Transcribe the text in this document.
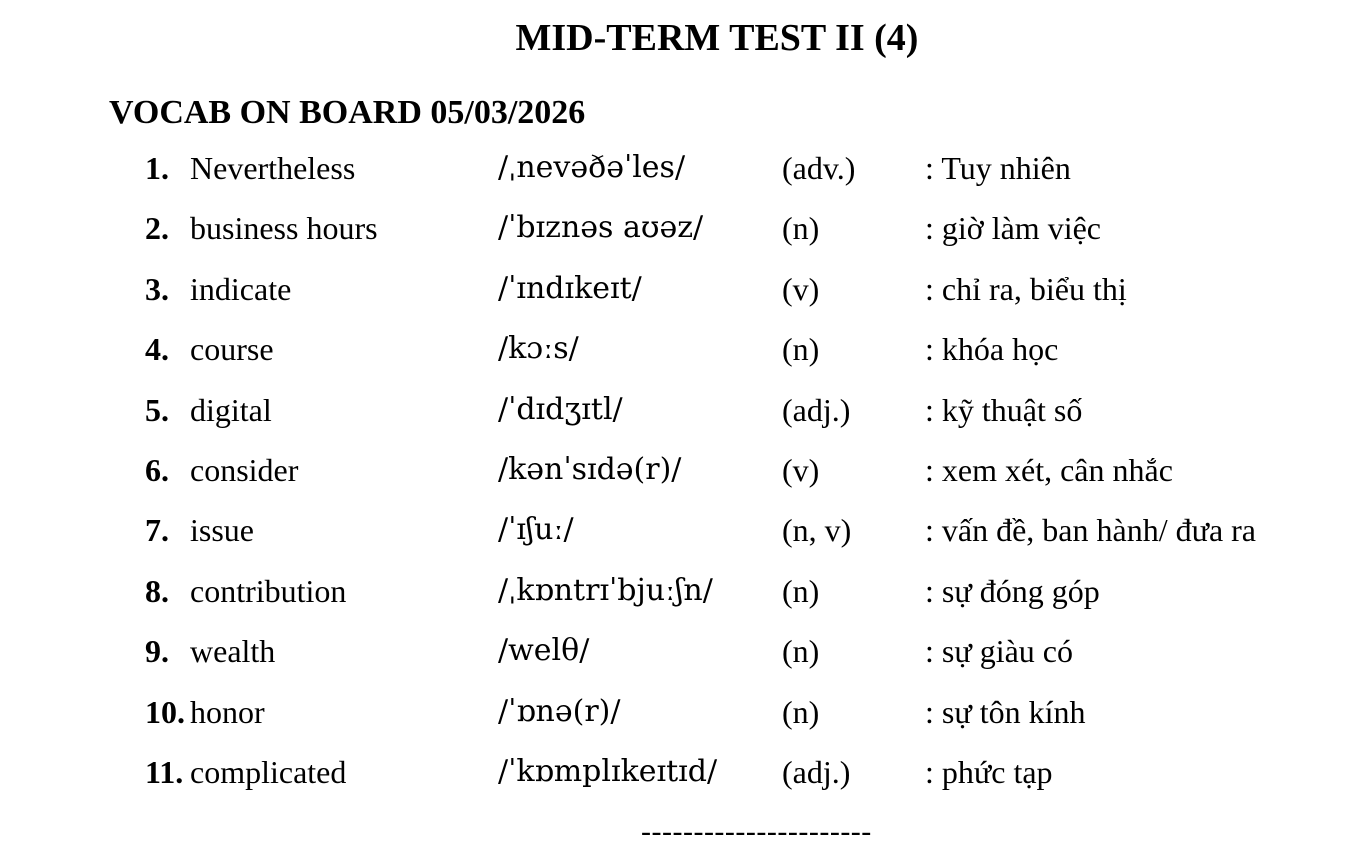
MID-TERM TEST II (4)
VOCAB ON BOARD 05/03/2026
1. Nevertheless	/ˌnevəðəˈles/	(adv.) : Tuy nhiên
2. business hours	/ˈbɪznəs aʊəz/ (n)	: giờ làm việc
3. indicate	/ˈɪndɪkeɪt/	(v)	: chỉ ra, biểu thị
4. course	/kɔːs/	(n)	: khóa học
5. digital	/ˈdɪdʒɪtl/	(adj.) : kỹ thuật số
6. consider	/kənˈsɪdə(r)/	(v)	: xem xét, cân nhắc
7. issue	/ˈɪʃuː/	(n, v) : vấn đề, ban hành/ đưa ra
8. contribution	/ˌkɒntrɪˈbjuːʃn/ (n)	: sự đóng góp
9. wealth	/welθ/	(n)	: sự giàu có
10. honor	/ˈɒnə(r)/	(n)	: sự tôn kính
11. complicated	/ˈkɒmplɪkeɪtɪd/ (adj.) : phức tạp
----------------------
